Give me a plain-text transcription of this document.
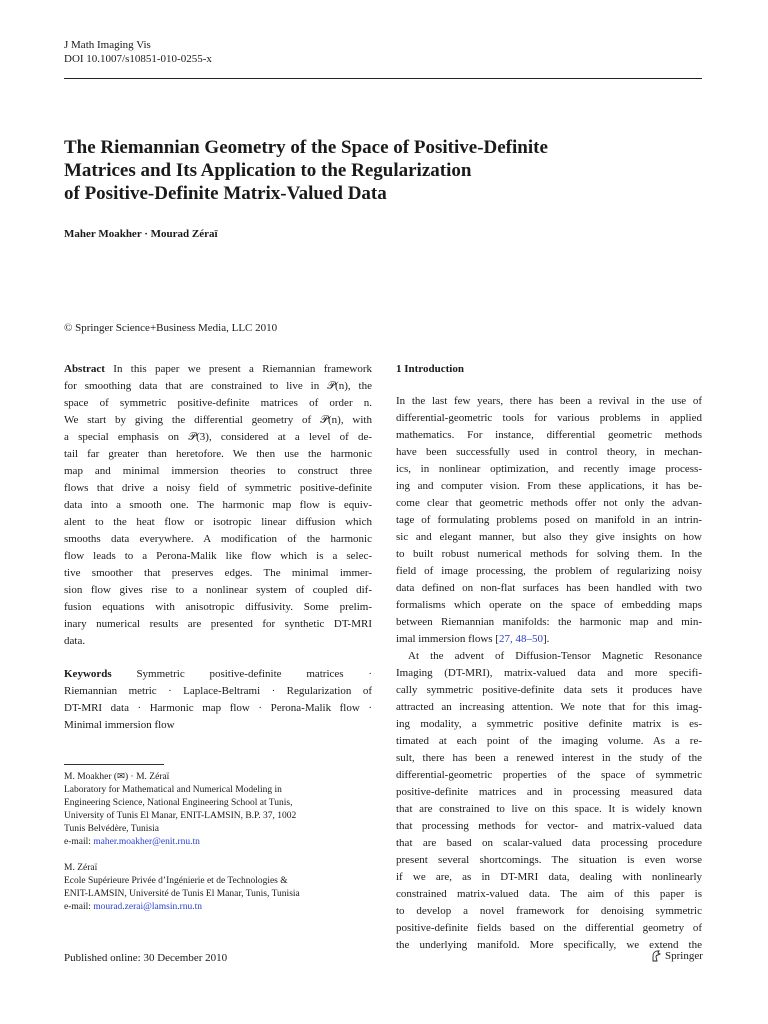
J Math Imaging Vis
DOI 10.1007/s10851-010-0255-x
The Riemannian Geometry of the Space of Positive-Definite
Matrices and Its Application to the Regularization
of Positive-Definite Matrix-Valued Data
Maher Moakher · Mourad Zéraï
© Springer Science+Business Media, LLC 2010
Abstract In this paper we present a Riemannian framework
for smoothing data that are constrained to live in 𝒫(n), the
space of symmetric positive-definite matrices of order n.
We start by giving the differential geometry of 𝒫(n), with
a special emphasis on 𝒫(3), considered at a level of de-
tail far greater than heretofore. We then use the harmonic
map and minimal immersion theories to construct three
flows that drive a noisy field of symmetric positive-definite
data into a smooth one. The harmonic map flow is equiv-
alent to the heat flow or isotropic linear diffusion which
smooths data everywhere. A modification of the harmonic
flow leads to a Perona-Malik like flow which is a selec-
tive smoother that preserves edges. The minimal immer-
sion flow gives rise to a nonlinear system of coupled dif-
fusion equations with anisotropic diffusivity. Some prelim-
inary numerical results are presented for synthetic DT-MRI
data.
Keywords Symmetric positive-definite matrices ·
Riemannian metric · Laplace-Beltrami · Regularization of
DT-MRI data · Harmonic map flow · Perona-Malik flow ·
Minimal immersion flow
M. Moakher (✉) · M. Zéraï
Laboratory for Mathematical and Numerical Modeling in
Engineering Science, National Engineering School at Tunis,
University of Tunis El Manar, ENIT-LAMSIN, B.P. 37, 1002
Tunis Belvédère, Tunisia
e-mail: maher.moakher@enit.rnu.tn
M. Zéraï
Ecole Supérieure Privée d’Ingénierie et de Technologies &
ENIT-LAMSIN, Université de Tunis El Manar, Tunis, Tunisia
e-mail: mourad.zerai@lamsin.rnu.tn
1 Introduction
In the last few years, there has been a revival in the use of
differential-geometric tools for various problems in applied
mathematics. For instance, differential geometric methods
have been successfully used in control theory, in mechan-
ics, in nonlinear optimization, and recently image process-
ing and computer vision. From these applications, it has be-
come clear that geometric methods offer not only the advan-
tage of formulating problems posed on manifold in an intrin-
sic and elegant manner, but also they give insights on how
to built robust numerical methods for solving them. In the
field of image processing, the problem of regularizing noisy
data defined on non-flat surfaces has been handled with two
formalisms which operate on the space of embedding maps
between Riemannian manifolds: the harmonic map and min-
imal immersion flows [27, 48–50].
At the advent of Diffusion-Tensor Magnetic Resonance
Imaging (DT-MRI), matrix-valued data and more specifi-
cally symmetric positive-definite data sets it produces have
attracted an increasing attention. We note that for this imag-
ing modality, a symmetric positive definite matrix is es-
timated at each point of the imaging volume. As a re-
sult, there has been a renewed interest in the study of the
differential-geometric properties of the space of symmetric
positive-definite matrices and in processing measured data
that are constrained to live on this space. It is widely known
that processing methods for vector- and matrix-valued data
that are based on scalar-valued data processing procedure
present several shortcomings. The situation is even worse
if we are, as in DT-MRI data, dealing with nonlinearly
constrained matrix-valued data. The aim of this paper is
to develop a novel framework for denoising symmetric
positive-definite fields based on the differential geometry of
the underlying manifold. More specifically, we extend the
Published online: 30 December 2010	Springer
